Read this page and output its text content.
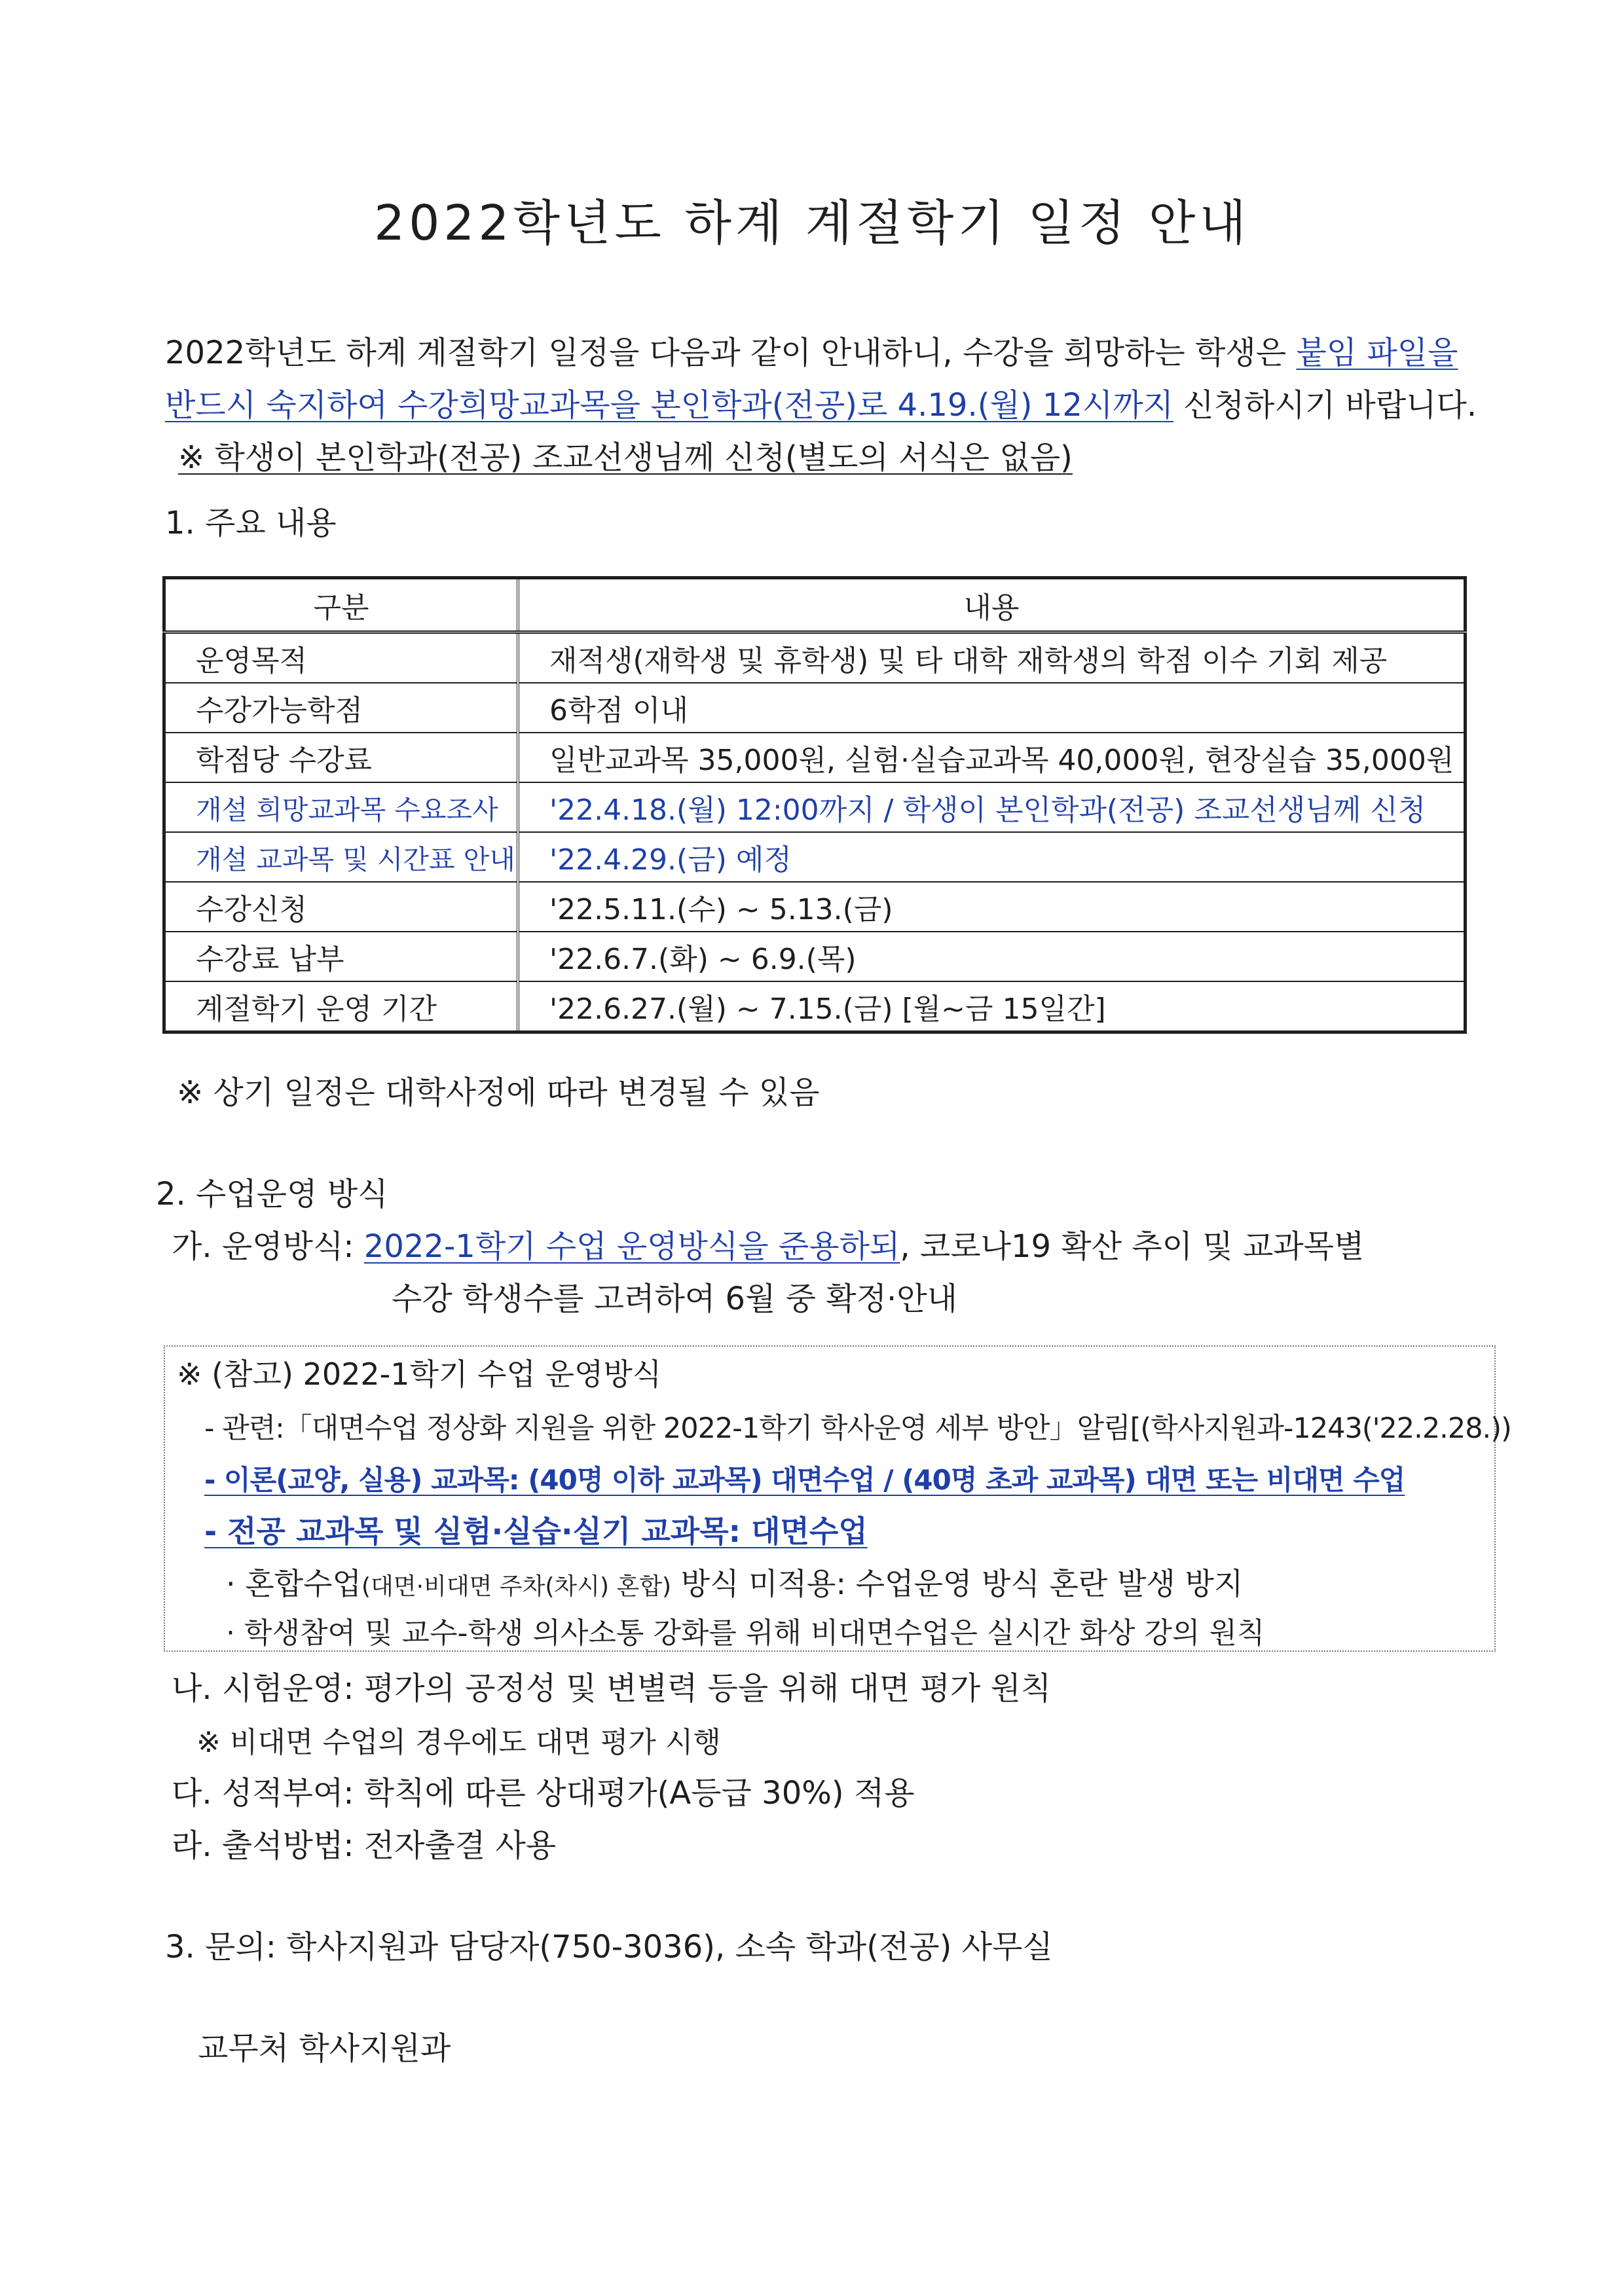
2022학년도 하계 계절학기 일정 안내
2022학년도 하계 계절학기 일정을 다음과 같이 안내하니, 수강을 희망하는 학생은 붙임 파일을
반드시 숙지하여 수강희망교과목을 본인학과(전공)로 4.19.(월) 12시까지 신청하시기 바랍니다.
※ 학생이 본인학과(전공) 조교선생님께 신청(별도의 서식은 없음)
1. 주요 내용
구분	내용
운영목적	재적생(재학생 및 휴학생) 및 타 대학 재학생의 학점 이수 기회 제공
수강가능학점	6학점 이내
학점당 수강료	일반교과목 35,000원, 실험·실습교과목 40,000원, 현장실습 35,000원
개설 희망교과목 수요조사	'22.4.18.(월) 12:00까지 / 학생이 본인학과(전공) 조교선생님께 신청
개설 교과목 및 시간표 안내	'22.4.29.(금) 예정
수강신청	'22.5.11.(수) ~ 5.13.(금)
수강료 납부	'22.6.7.(화) ~ 6.9.(목)
계절학기 운영 기간	'22.6.27.(월) ~ 7.15.(금) [월~금 15일간]
※ 상기 일정은 대학사정에 따라 변경될 수 있음
2. 수업운영 방식
가. 운영방식: 2022-1학기 수업 운영방식을 준용하되, 코로나19 확산 추이 및 교과목별
수강 학생수를 고려하여 6월 중 확정·안내
※ (참고) 2022-1학기 수업 운영방식
- 관련:「대면수업 정상화 지원을 위한 2022-1학기 학사운영 세부 방안」알림[(학사지원과-1243('22.2.28.))
- 이론(교양, 실용) 교과목: (40명 이하 교과목) 대면수업 / (40명 초과 교과목) 대면 또는 비대면 수업
- 전공 교과목 및 실험·실습·실기 교과목: 대면수업
· 혼합수업(대면·비대면 주차(차시) 혼합) 방식 미적용: 수업운영 방식 혼란 발생 방지
· 학생참여 및 교수-학생 의사소통 강화를 위해 비대면수업은 실시간 화상 강의 원칙
나. 시험운영: 평가의 공정성 및 변별력 등을 위해 대면 평가 원칙
※ 비대면 수업의 경우에도 대면 평가 시행
다. 성적부여: 학칙에 따른 상대평가(A등급 30%) 적용
라. 출석방법: 전자출결 사용
3. 문의: 학사지원과 담당자(750-3036), 소속 학과(전공) 사무실
교무처 학사지원과
